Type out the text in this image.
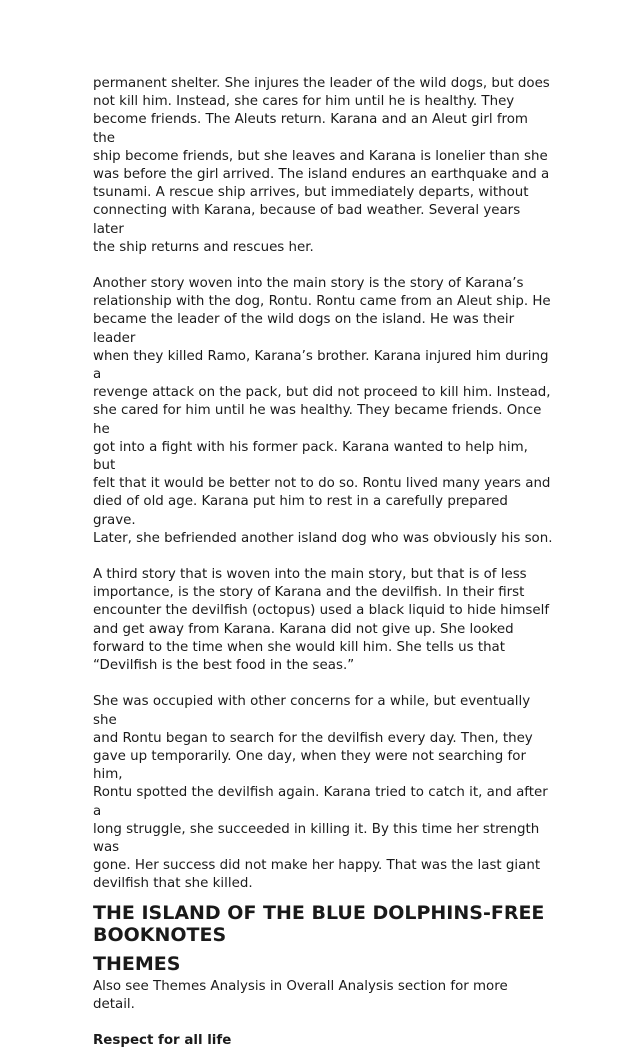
permanent shelter. She injures the leader of the wild dogs, but does
not kill him. Instead, she cares for him until he is healthy. They
become friends. The Aleuts return. Karana and an Aleut girl from the
ship become friends, but she leaves and Karana is lonelier than she
was before the girl arrived. The island endures an earthquake and a
tsunami. A rescue ship arrives, but immediately departs, without
connecting with Karana, because of bad weather. Several years later
the ship returns and rescues her.

Another story woven into the main story is the story of Karana’s
relationship with the dog, Rontu. Rontu came from an Aleut ship. He
became the leader of the wild dogs on the island. He was their leader
when they killed Ramo, Karana’s brother. Karana injured him during a
revenge attack on the pack, but did not proceed to kill him. Instead,
she cared for him until he was healthy. They became friends. Once he
got into a fight with his former pack. Karana wanted to help him, but
felt that it would be better not to do so. Rontu lived many years and
died of old age. Karana put him to rest in a carefully prepared grave.
Later, she befriended another island dog who was obviously his son.

A third story that is woven into the main story, but that is of less
importance, is the story of Karana and the devilfish. In their first
encounter the devilfish (octopus) used a black liquid to hide himself
and get away from Karana. Karana did not give up. She looked
forward to the time when she would kill him. She tells us that
“Devilfish is the best food in the seas.”

She was occupied with other concerns for a while, but eventually she
and Rontu began to search for the devilfish every day. Then, they
gave up temporarily. One day, when they were not searching for him,
Rontu spotted the devilfish again. Karana tried to catch it, and after a
long struggle, she succeeded in killing it. By this time her strength was
gone. Her success did not make her happy. That was the last giant
devilfish that she killed.

THE ISLAND OF THE BLUE DOLPHINS-FREE
BOOKNOTES
THEMES

Also see Themes Analysis in Overall Analysis section for more detail.

Respect for all life
